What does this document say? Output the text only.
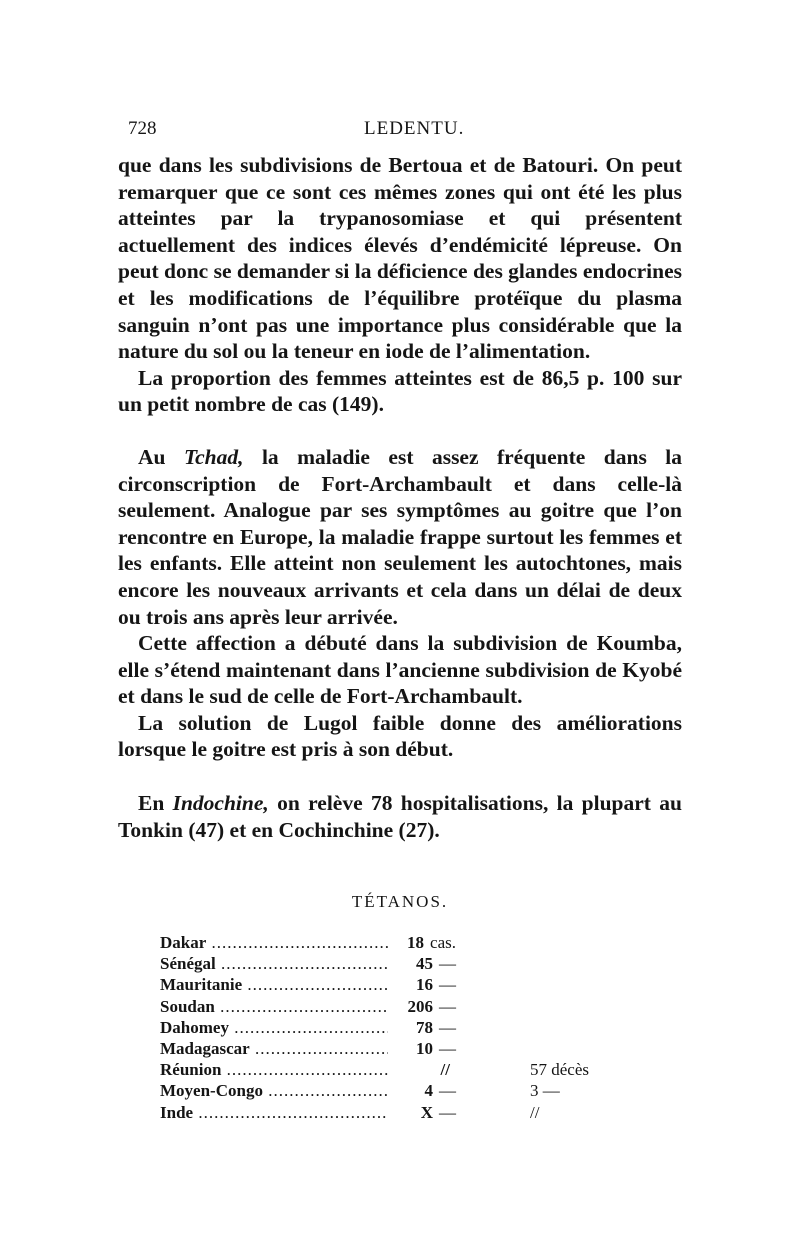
728	LEDENTU.

que dans les subdivisions de Bertoua et de Batouri. On peut remarquer que ce sont ces mêmes zones qui ont été les plus atteintes par la trypanosomiase et qui présentent actuellement des indices élevés d’endémicité lépreuse. On peut donc se demander si la déficience des glandes endocrines et les modifications de l’équilibre protéïque du plasma sanguin n’ont pas une importance plus considérable que la nature du sol ou la teneur en iode de l’alimentation.

La proportion des femmes atteintes est de 86,5 p. 100 sur un petit nombre de cas (149).

Au Tchad, la maladie est assez fréquente dans la circonscription de Fort-Archambault et dans celle-là seulement. Analogue par ses symptômes au goitre que l’on rencontre en Europe, la maladie frappe surtout les femmes et les enfants. Elle atteint non seulement les autochtones, mais encore les nouveaux arrivants et cela dans un délai de deux ou trois ans après leur arrivée.

Cette affection a débuté dans la subdivision de Koumba, elle s’étend maintenant dans l’ancienne subdivision de Kyobé et dans le sud de celle de Fort-Archambault.

La solution de Lugol faible donne des améliorations lorsque le goitre est pris à son début.

En Indochine, on relève 78 hospitalisations, la plupart au Tonkin (47) et en Cochinchine (27).

TÉTANOS.
Dakar .....	18 cas.
Sénégal .....	45 —
Mauritanie .....	16 —
Soudan .....	206 —
Dahomey .....	78 —
Madagascar .....	10 —
Réunion .....	//	57 décès
Moyen-Congo .....	4 —	3 —
Inde .....	X —	//
